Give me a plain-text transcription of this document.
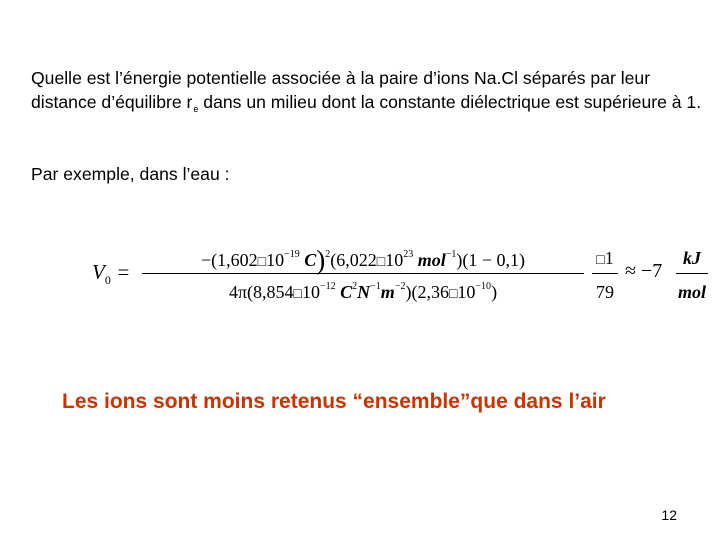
Quelle est l’énergie potentielle associée à la paire d’ions Na.Cl séparés par leur distance d’équilibre $r_e$ dans un milieu dont la constante diélectrique est supérieure à 1.

Par exemple, dans l’eau :

$V_0$ =	$-(1,602□10^{-19}$ $C)^2(6,022□10^{23}$ mol$^{-1}$)(1 − 0,1)
$4\pi(8,854□10^{-12}$ $C^2N^{-1}m^{-2})(2,36□10^{-10})$
□1
79
≈ −7
kJ
mol

Les ions sont moins retenus “ensemble”que dans l’air

12
